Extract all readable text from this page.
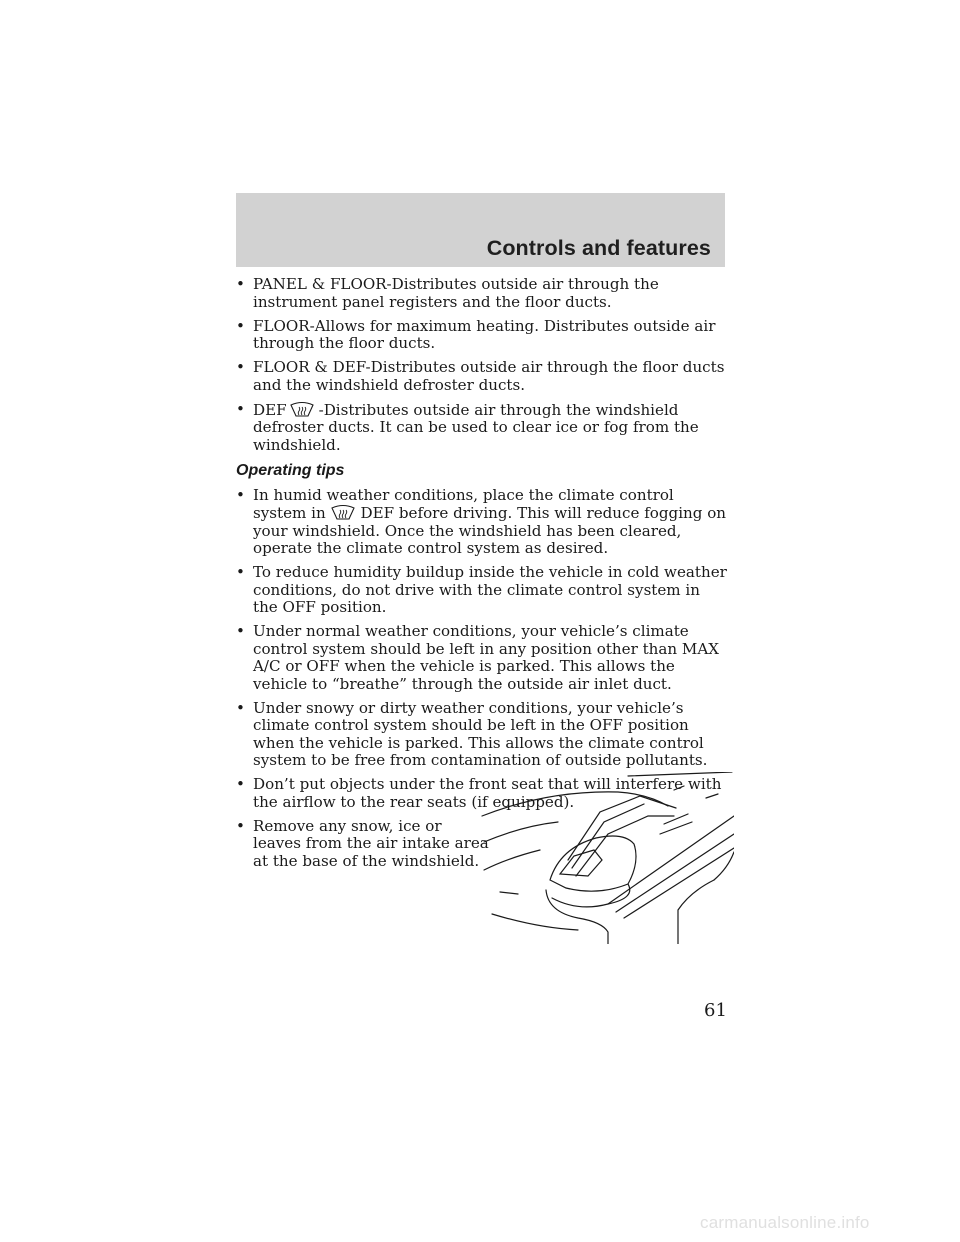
Controls and features
• PANEL & FLOOR-Distributes outside air through the instrument panel registers and the floor ducts.
• FLOOR-Allows for maximum heating. Distributes outside air through the floor ducts.
• FLOOR & DEF-Distributes outside air through the floor ducts and the windshield defroster ducts.
• DEF -Distributes outside air through the windshield defroster ducts. It can be used to clear ice or fog from the windshield.
Operating tips
• In humid weather conditions, place the climate control system in DEF before driving. This will reduce fogging on your windshield. Once the windshield has been cleared, operate the climate control system as desired.
• To reduce humidity buildup inside the vehicle in cold weather conditions, do not drive with the climate control system in the OFF position.
• Under normal weather conditions, your vehicle’s climate control system should be left in any position other than MAX A/C or OFF when the vehicle is parked. This allows the vehicle to “breathe” through the outside air inlet duct.
• Under snowy or dirty weather conditions, your vehicle’s climate control system should be left in the OFF position when the vehicle is parked. This allows the climate control system to be free from contamination of outside pollutants.
• Don’t put objects under the front seat that will interfere with the airflow to the rear seats (if equipped).
• Remove any snow, ice or leaves from the air intake area at the base of the windshield.
61
carmanualsonline.info
